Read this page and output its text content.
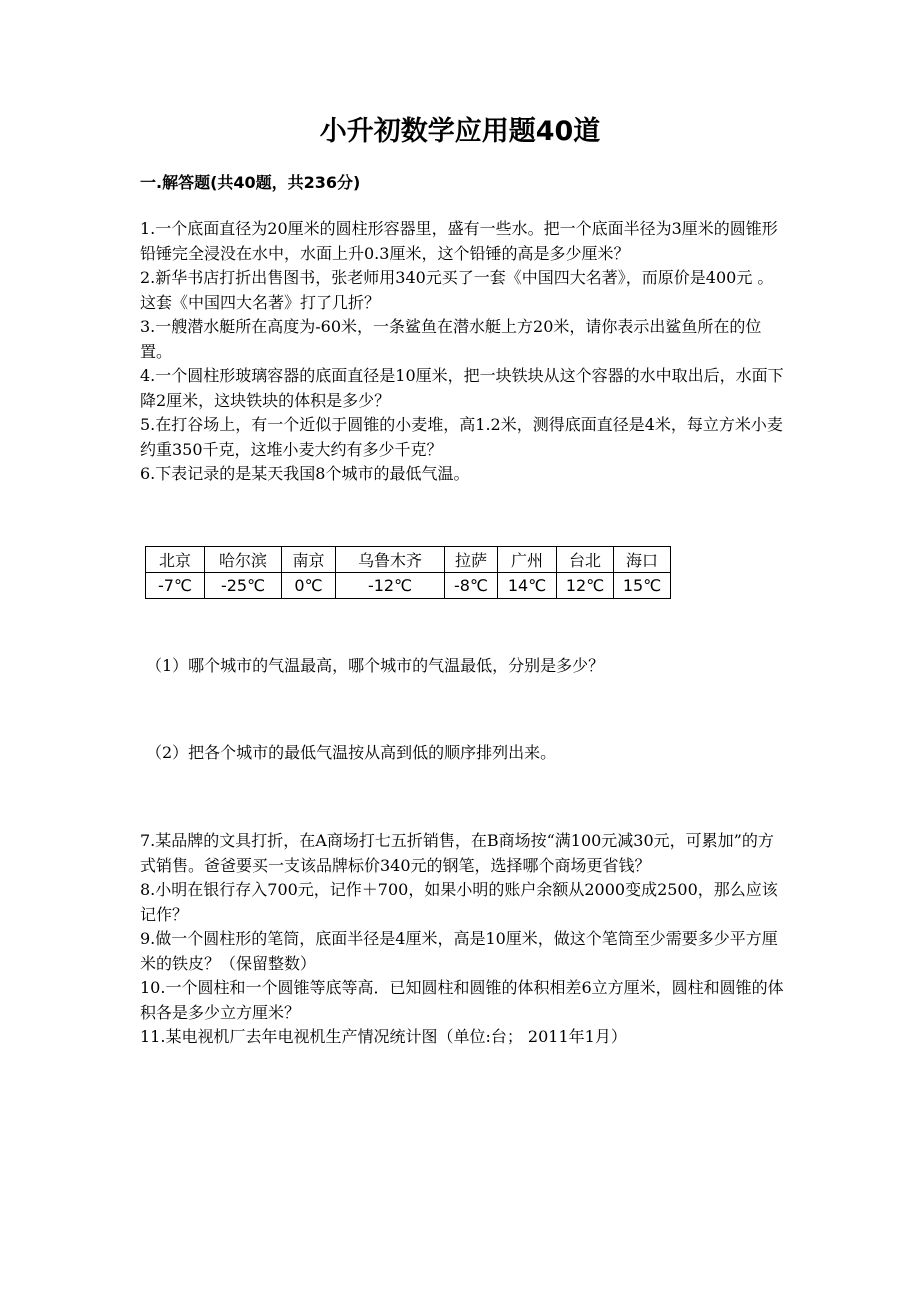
小升初数学应用题40道
一.解答题(共40题，共236分)

1.一个底面直径为20厘米的圆柱形容器里，盛有一些水。把一个底面半径为3厘米的圆锥形铅锤完全浸没在水中，水面上升0.3厘米，这个铅锤的高是多少厘米？

2.新华书店打折出售图书，张老师用340元买了一套《中国四大名著》，而原价是400元 。这套《中国四大名著》打了几折？

3.一艘潜水艇所在高度为-60米，一条鲨鱼在潜水艇上方20米，请你表示出鲨鱼所在的位置。

4.一个圆柱形玻璃容器的底面直径是10厘米，把一块铁块从这个容器的水中取出后，水面下降2厘米，这块铁块的体积是多少？

5.在打谷场上，有一个近似于圆锥的小麦堆，高1.2米，测得底面直径是4米，每立方米小麦约重350千克，这堆小麦大约有多少千克？

6.下表记录的是某天我国8个城市的最低气温。

北京	哈尔滨	南京	乌鲁木齐	拉萨	广州	台北	海口
-7℃	-25℃	0℃	-12℃	-8℃	14℃	12℃	15℃
（1）哪个城市的气温最高，哪个城市的气温最低，分别是多少？
（2）把各个城市的最低气温按从高到低的顺序排列出来。

7.某品牌的文具打折，在A商场打七五折销售，在B商场按“满100元减30元，可累加”的方式销售。爸爸要买一支该品牌标价340元的钢笔，选择哪个商场更省钱？

8.小明在银行存入700元，记作＋700，如果小明的账户余额从2000变成2500，那么应该记作？

9.做一个圆柱形的笔筒，底面半径是4厘米，高是10厘米，做这个笔筒至少需要多少平方厘米的铁皮？（保留整数）

10.一个圆柱和一个圆锥等底等高．已知圆柱和圆锥的体积相差6立方厘米，圆柱和圆锥的体积各是多少立方厘米？

11.某电视机厂去年电视机生产情况统计图（单位:台； 2011年1月）
